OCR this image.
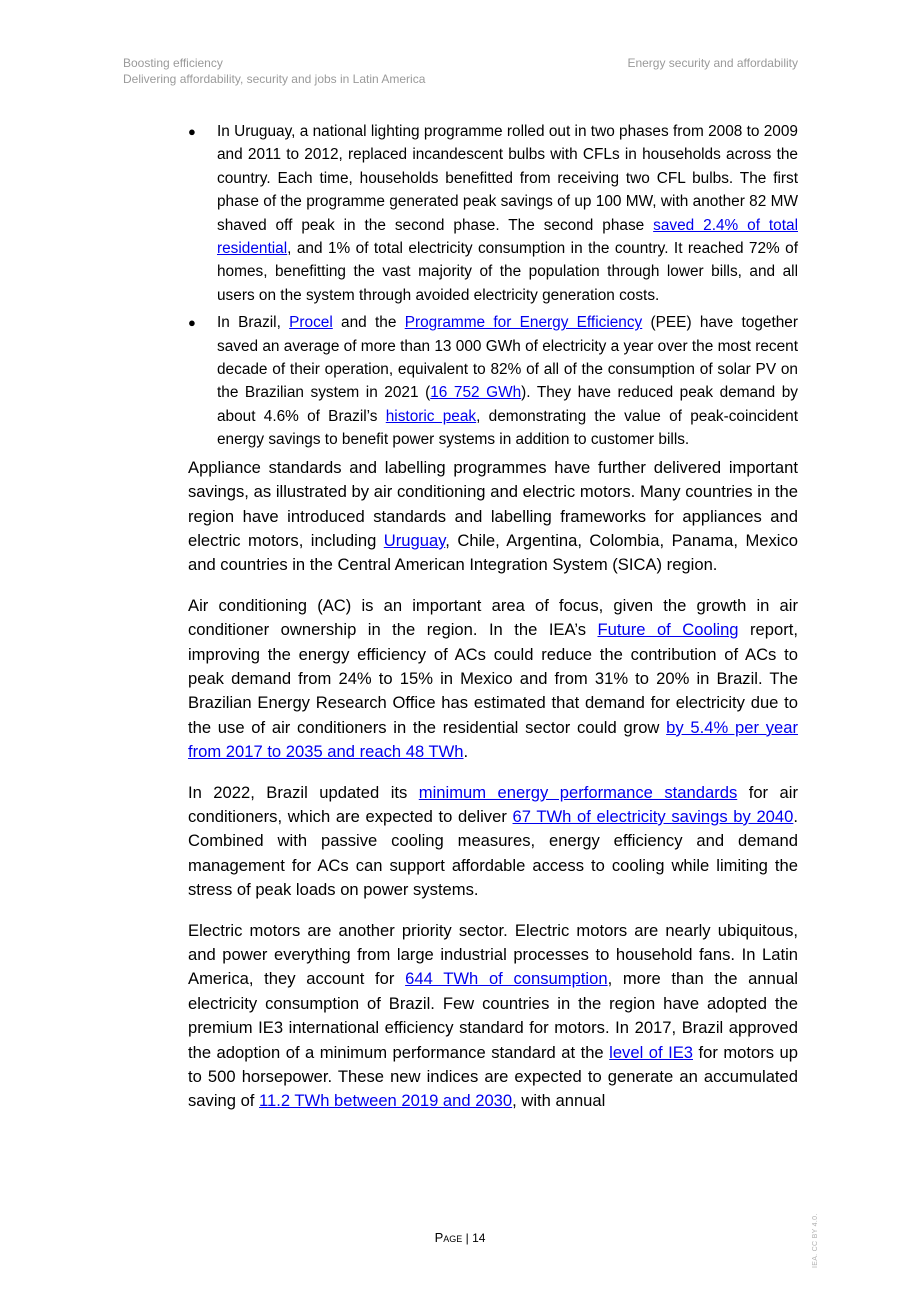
Boosting efficiency
Delivering affordability, security and jobs in Latin America
Energy security and affordability
● In Uruguay, a national lighting programme rolled out in two phases from 2008 to 2009 and 2011 to 2012, replaced incandescent bulbs with CFLs in households across the country. Each time, households benefitted from receiving two CFL bulbs. The first phase of the programme generated peak savings of up 100 MW, with another 82 MW shaved off peak in the second phase. The second phase saved 2.4% of total residential, and 1% of total electricity consumption in the country. It reached 72% of homes, benefitting the vast majority of the population through lower bills, and all users on the system through avoided electricity generation costs.
● In Brazil, Procel and the Programme for Energy Efficiency (PEE) have together saved an average of more than 13 000 GWh of electricity a year over the most recent decade of their operation, equivalent to 82% of all of the consumption of solar PV on the Brazilian system in 2021 (16 752 GWh). They have reduced peak demand by about 4.6% of Brazil’s historic peak, demonstrating the value of peak-coincident energy savings to benefit power systems in addition to customer bills.

Appliance standards and labelling programmes have further delivered important savings, as illustrated by air conditioning and electric motors. Many countries in the region have introduced standards and labelling frameworks for appliances and electric motors, including Uruguay, Chile, Argentina, Colombia, Panama, Mexico and countries in the Central American Integration System (SICA) region.

Air conditioning (AC) is an important area of focus, given the growth in air conditioner ownership in the region. In the IEA’s Future of Cooling report, improving the energy efficiency of ACs could reduce the contribution of ACs to peak demand from 24% to 15% in Mexico and from 31% to 20% in Brazil. The Brazilian Energy Research Office has estimated that demand for electricity due to the use of air conditioners in the residential sector could grow by 5.4% per year from 2017 to 2035 and reach 48 TWh.

In 2022, Brazil updated its minimum energy performance standards for air conditioners, which are expected to deliver 67 TWh of electricity savings by 2040. Combined with passive cooling measures, energy efficiency and demand management for ACs can support affordable access to cooling while limiting the stress of peak loads on power systems.

Electric motors are another priority sector. Electric motors are nearly ubiquitous, and power everything from large industrial processes to household fans. In Latin America, they account for 644 TWh of consumption, more than the annual electricity consumption of Brazil. Few countries in the region have adopted the premium IE3 international efficiency standard for motors. In 2017, Brazil approved the adoption of a minimum performance standard at the level of IE3 for motors up to 500 horsepower. These new indices are expected to generate an accumulated saving of 11.2 TWh between 2019 and 2030, with annual

Page | 14	IEA. CC BY 4.0.
